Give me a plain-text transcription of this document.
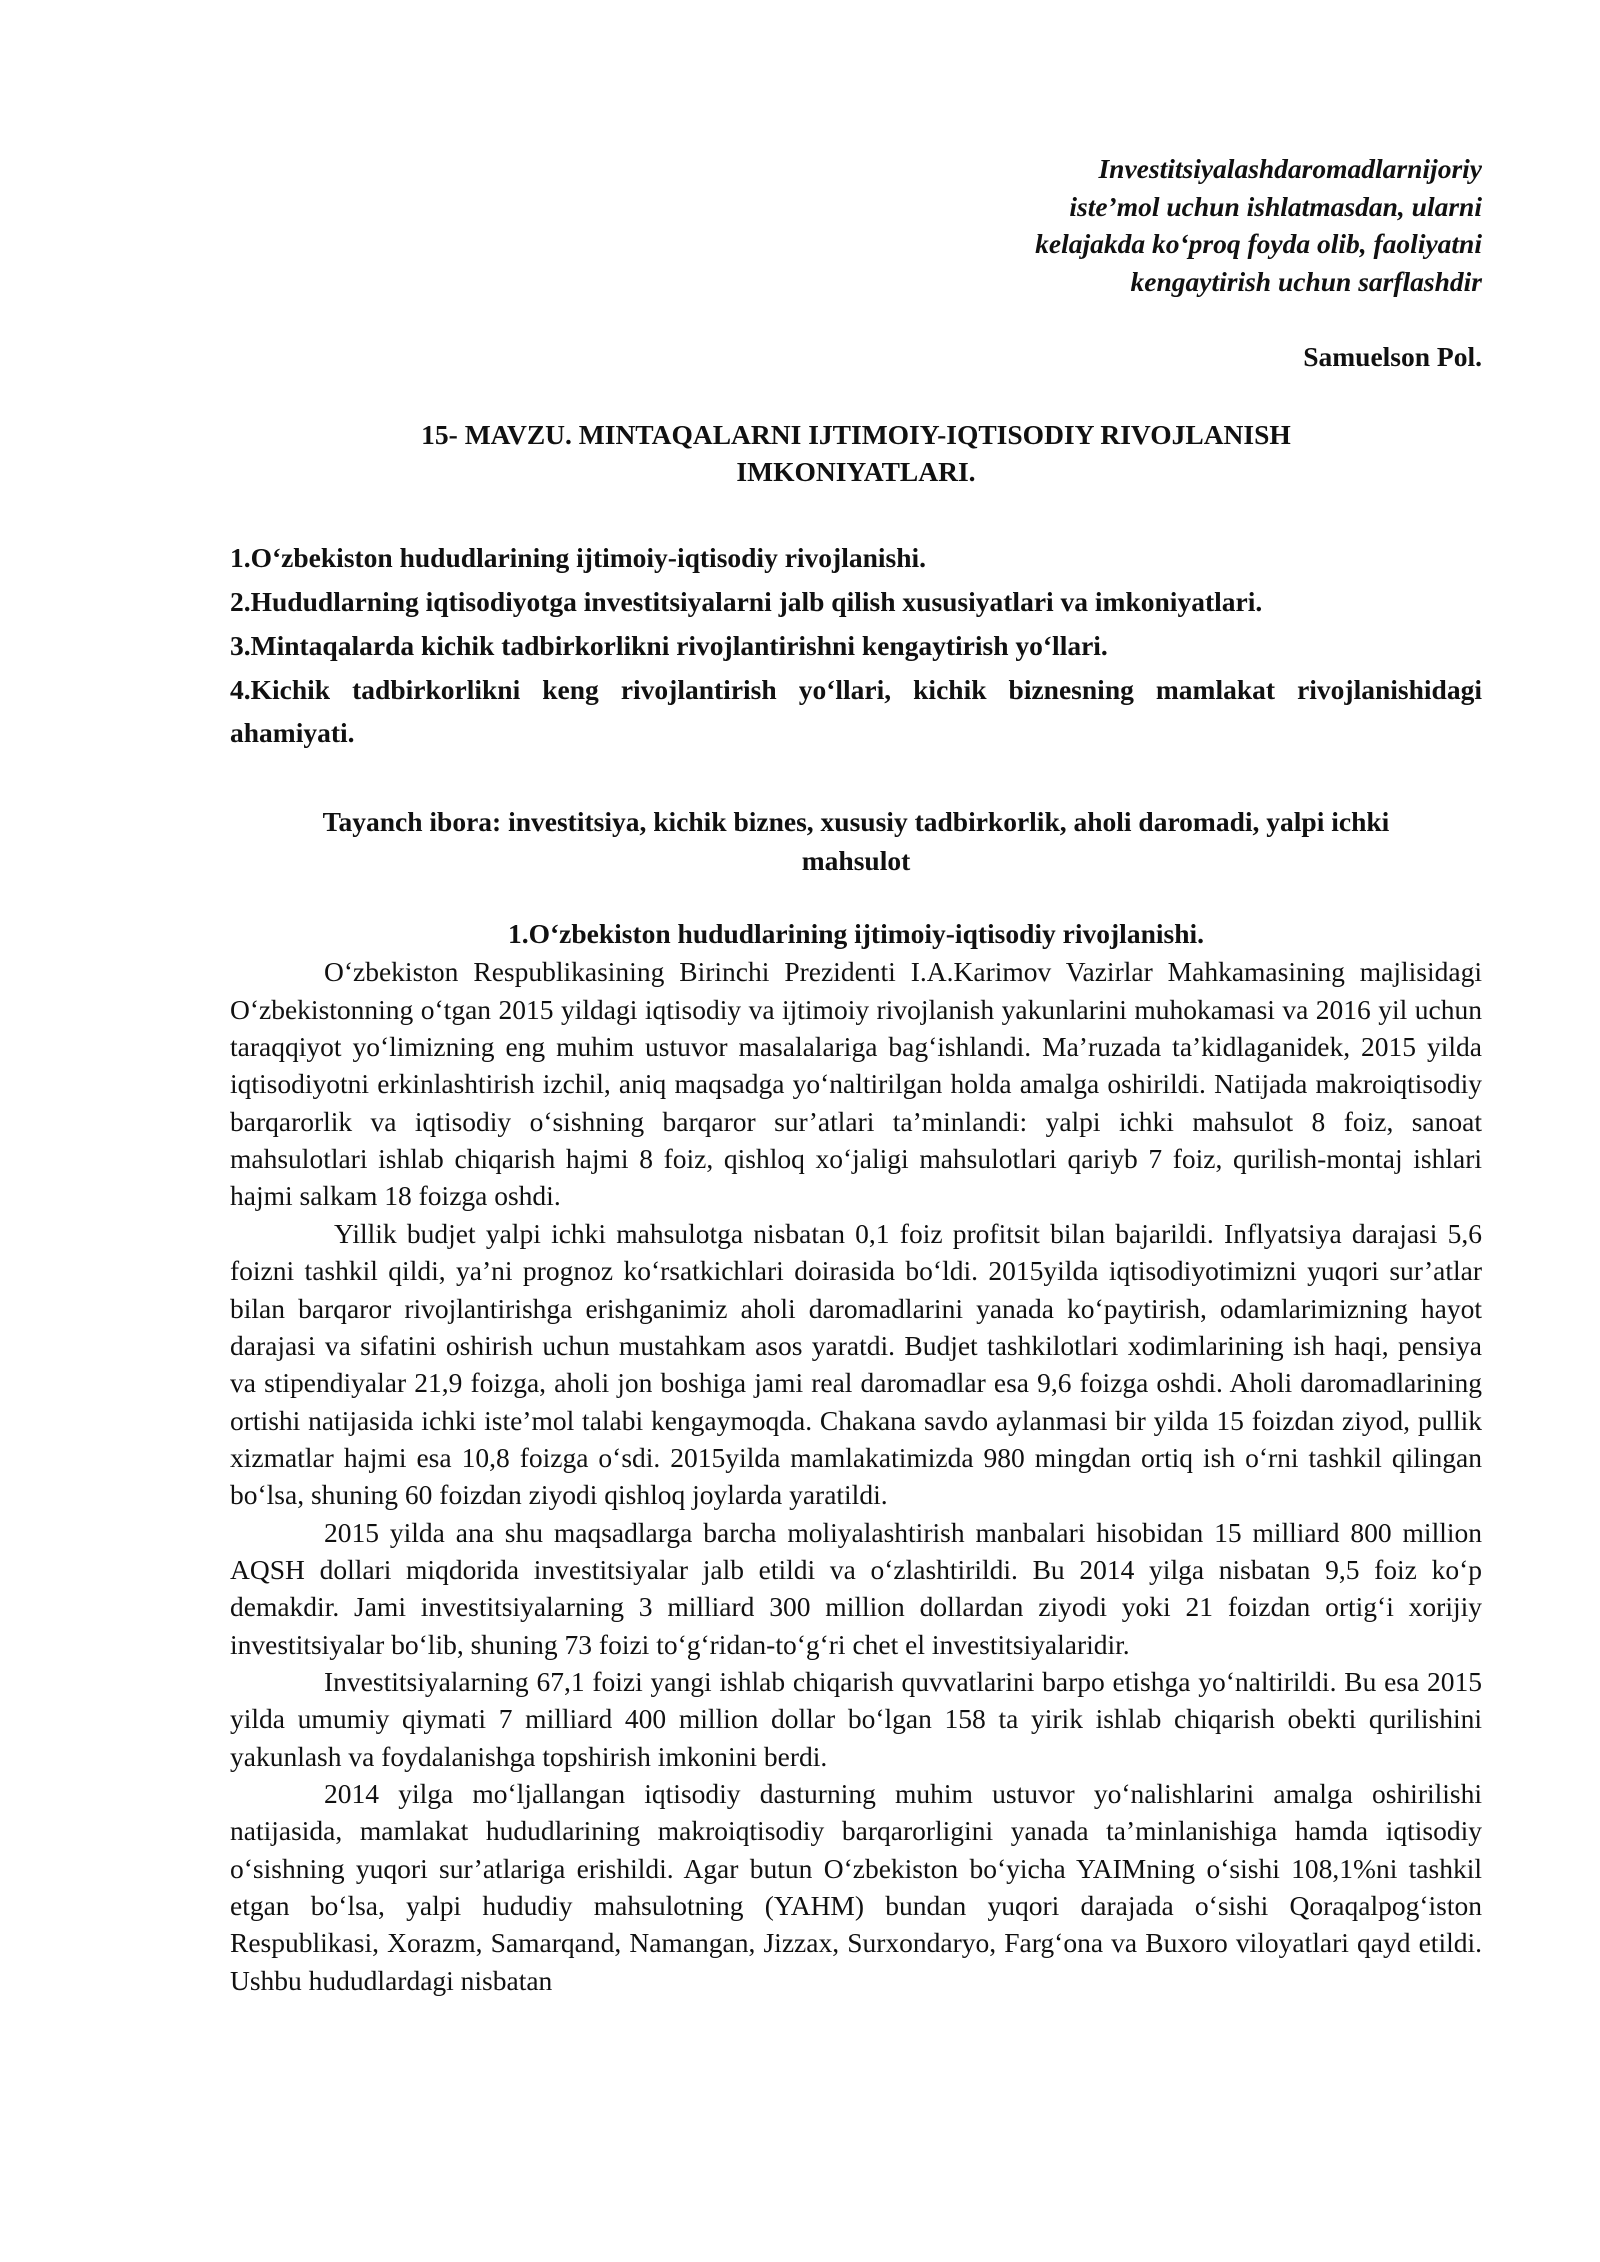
Investitsiyalashdaromadlarnijoriy
iste’mol uchun ishlatmasdan, ularni
kelajakda ko‘proq foyda olib, faoliyatni
kengaytirish uchun sarflashdir

Samuelson Pol.

15- MAVZU. MINTAQALARNI IJTIMOIY-IQTISODIY RIVOJLANISH
IMKONIYATLARI.

1.O‘zbekiston hududlarining ijtimoiy-iqtisodiy rivojlanishi.

2.Hududlarning iqtisodiyotga investitsiyalarni jalb qilish xususiyatlari va imkoniyatlari.

3.Mintaqalarda kichik tadbirkorlikni rivojlantirishni kengaytirish yo‘llari.

4.Kichik tadbirkorlikni keng rivojlantirish yo‘llari, kichik biznesning mamlakat rivojlanishidagi ahamiyati.

Tayanch ibora: investitsiya, kichik biznes, xususiy tadbirkorlik, aholi daromadi, yalpi ichki
mahsulot
1.O‘zbekiston hududlarining ijtimoiy-iqtisodiy rivojlanishi.

O‘zbekiston Respublikasining Birinchi Prezidenti I.A.Karimov Vazirlar Mahkamasining majlisidagi O‘zbekistonning o‘tgan 2015 yildagi iqtisodiy va ijtimoiy rivojlanish yakunlarini muhokamasi va 2016 yil uchun taraqqiyot yo‘limizning eng muhim ustuvor masalalariga bag‘ishlandi. Ma’ruzada ta’kidlaganidek, 2015 yilda iqtisodiyotni erkinlashtirish izchil, aniq maqsadga yo‘naltirilgan holda amalga oshirildi. Natijada makroiqtisodiy barqarorlik va iqtisodiy o‘sishning barqaror sur’atlari ta’minlandi: yalpi ichki mahsulot 8 foiz, sanoat mahsulotlari ishlab chiqarish hajmi 8 foiz, qishloq xo‘jaligi mahsulotlari qariyb 7 foiz, qurilish-montaj ishlari hajmi salkam 18 foizga oshdi.

Yillik budjet yalpi ichki mahsulotga nisbatan 0,1 foiz profitsit bilan bajarildi. Inflyatsiya darajasi 5,6 foizni tashkil qildi, ya’ni prognoz ko‘rsatkichlari doirasida bo‘ldi. 2015yilda iqtisodiyotimizni yuqori sur’atlar bilan barqaror rivojlantirishga erishganimiz aholi daromadlarini yanada ko‘paytirish, odamlarimizning hayot darajasi va sifatini oshirish uchun mustahkam asos yaratdi. Budjet tashkilotlari xodimlarining ish haqi, pensiya va stipendiyalar 21,9 foizga, aholi jon boshiga jami real daromadlar esa 9,6 foizga oshdi. Aholi daromadlarining ortishi natijasida ichki iste’mol talabi kengaymoqda. Chakana savdo aylanmasi bir yilda 15 foizdan ziyod, pullik xizmatlar hajmi esa 10,8 foizga o‘sdi. 2015yilda mamlakatimizda 980 mingdan ortiq ish o‘rni tashkil qilingan bo‘lsa, shuning 60 foizdan ziyodi qishloq joylarda yaratildi.

2015 yilda ana shu maqsadlarga barcha moliyalashtirish manbalari hisobidan 15 milliard 800 million AQSH dollari miqdorida investitsiyalar jalb etildi va o‘zlashtirildi. Bu 2014 yilga nisbatan 9,5 foiz ko‘p demakdir. Jami investitsiyalarning 3 milliard 300 million dollardan ziyodi yoki 21 foizdan ortig‘i xorijiy investitsiyalar bo‘lib, shuning 73 foizi to‘g‘ridan-to‘g‘ri chet el investitsiyalaridir.

Investitsiyalarning 67,1 foizi yangi ishlab chiqarish quvvatlarini barpo etishga yo‘naltirildi. Bu esa 2015 yilda umumiy qiymati 7 milliard 400 million dollar bo‘lgan 158 ta yirik ishlab chiqarish obekti qurilishini yakunlash va foydalanishga topshirish imkonini berdi.

2014 yilga mo‘ljallangan iqtisodiy dasturning muhim ustuvor yo‘nalishlarini amalga oshirilishi natijasida, mamlakat hududlarining makroiqtisodiy barqarorligini yanada ta’minlanishiga hamda iqtisodiy o‘sishning yuqori sur’atlariga erishildi. Agar butun O‘zbekiston bo‘yicha YAIMning o‘sishi 108,1%ni tashkil etgan bo‘lsa, yalpi hududiy mahsulotning (YAHM) bundan yuqori darajada o‘sishi Qoraqalpog‘iston Respublikasi, Xorazm, Samarqand, Namangan, Jizzax, Surxondaryo, Farg‘ona va Buxoro viloyatlari qayd etildi. Ushbu hududlardagi nisbatan
